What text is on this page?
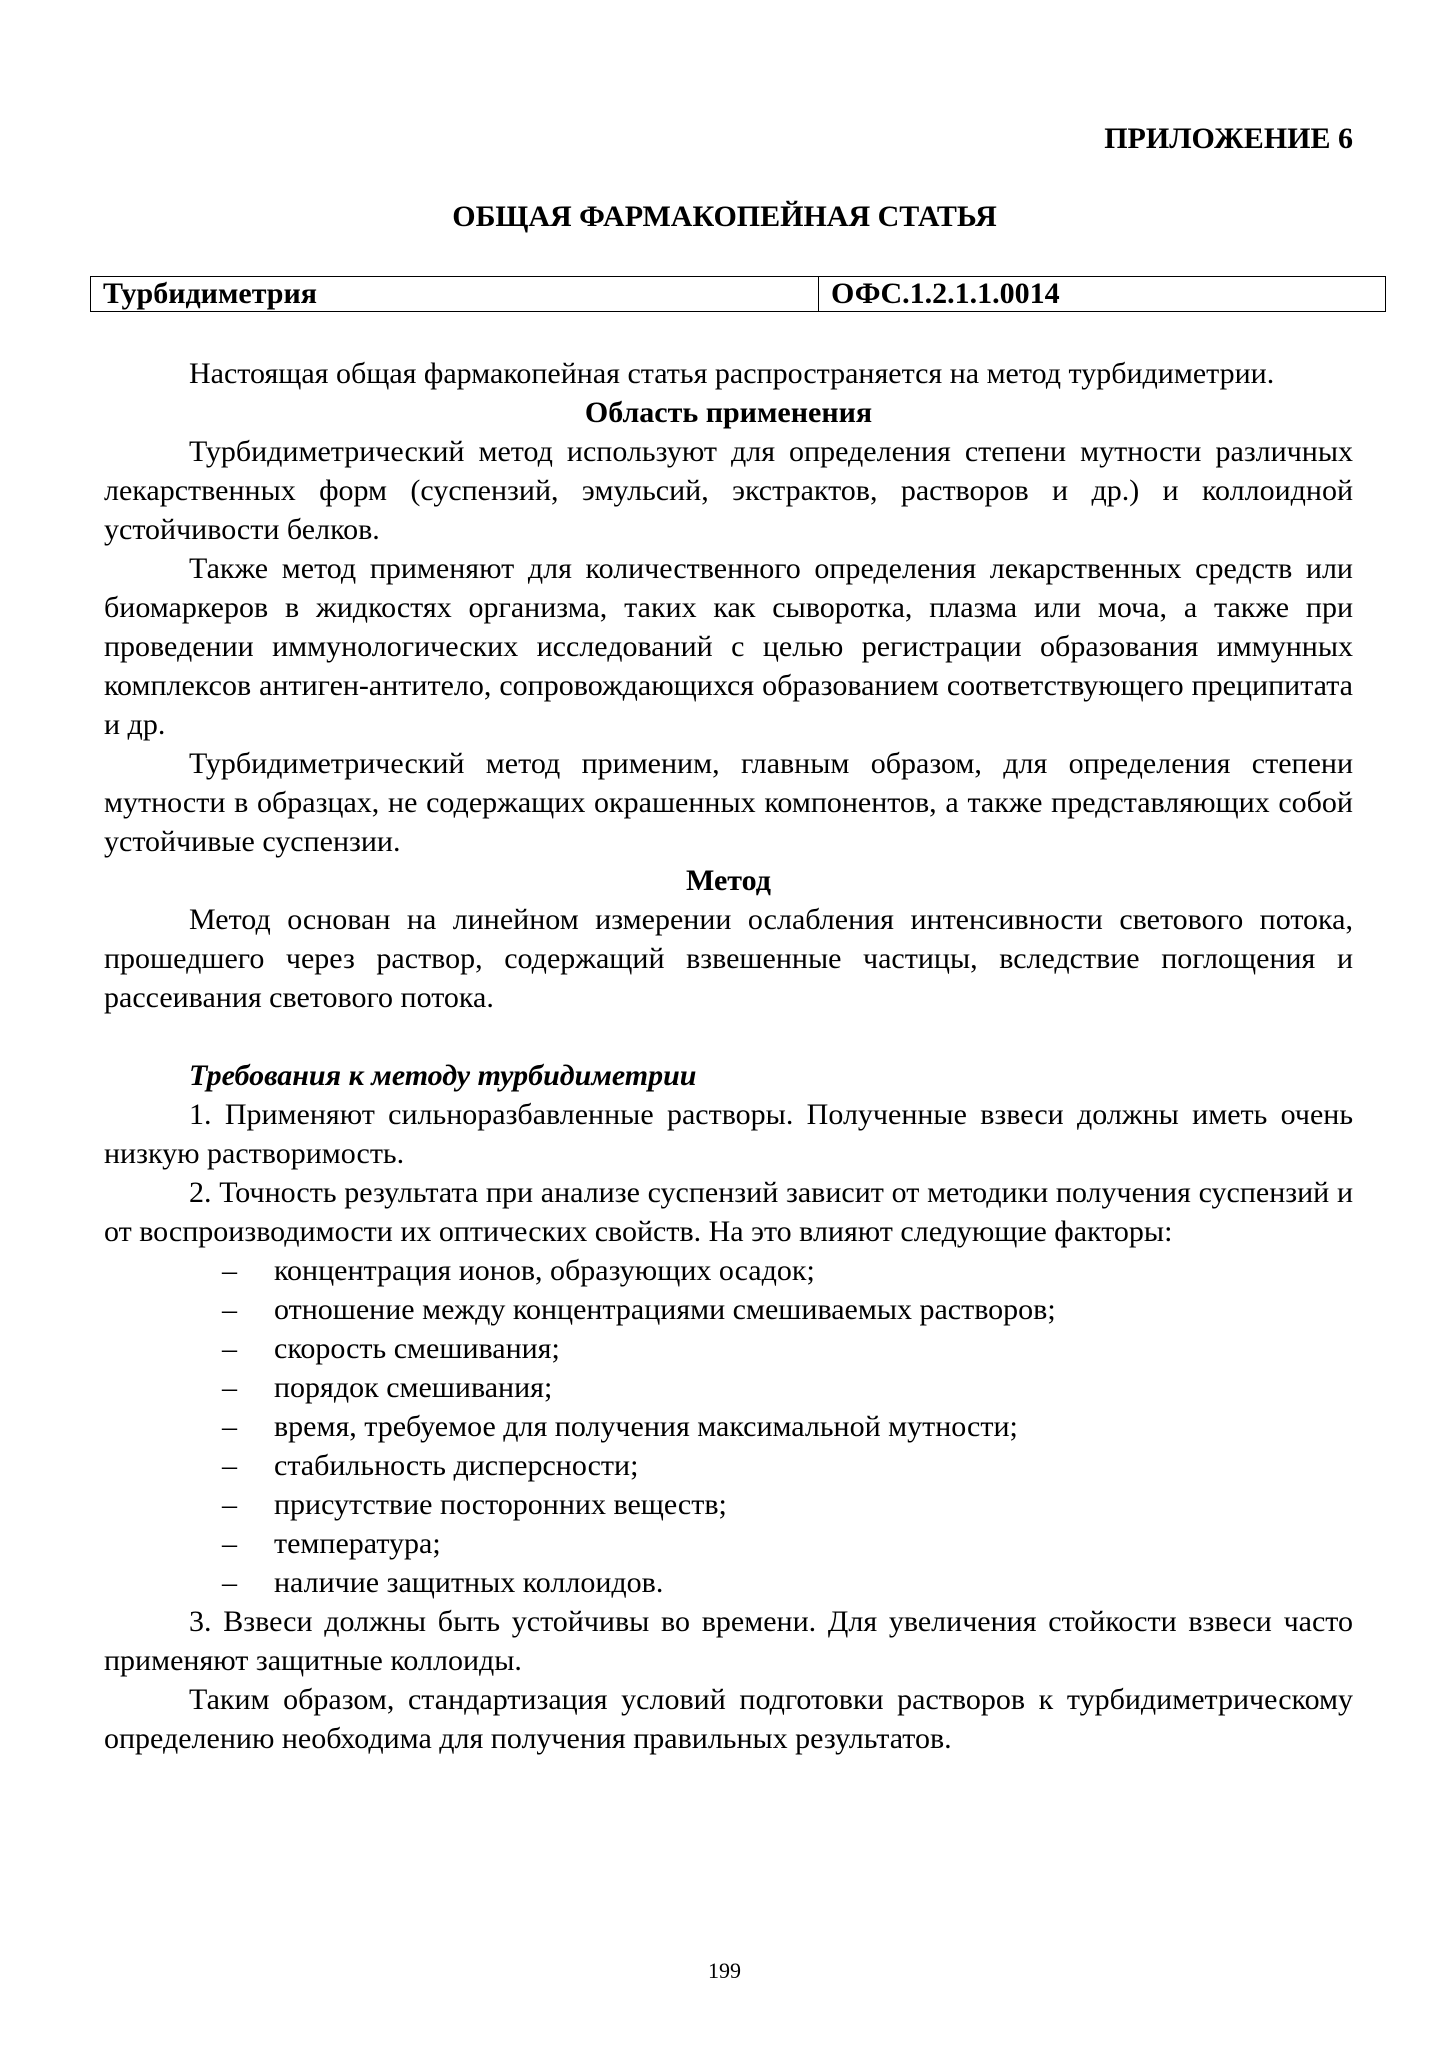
ПРИЛОЖЕНИЕ 6
ОБЩАЯ ФАРМАКОПЕЙНАЯ СТАТЬЯ
Турбидиметрия	ОФС.1.2.1.1.0014

Настоящая общая фармакопейная статья распространяется на метод турбидиметрии.

Область применения

Турбидиметрический метод используют для определения степени мутности различных лекарственных форм (суспензий, эмульсий, экстрактов, растворов и др.) и коллоидной устойчивости белков.

Также метод применяют для количественного определения лекарственных средств или биомаркеров в жидкостях организма, таких как сыворотка, плазма или моча, а также при проведении иммунологических исследований с целью регистрации образования иммунных комплексов антиген-антитело, сопровождающихся образованием соответствующего преципитата и др.

Турбидиметрический метод применим, главным образом, для определения степени мутности в образцах, не содержащих окрашенных компонентов, а также представляющих собой устойчивые суспензии.

Метод

Метод основан на линейном измерении ослабления интенсивности светового потока, прошедшего через раствор, содержащий взвешенные частицы, вследствие поглощения и рассеивания светового потока.

Требования к методу турбидиметрии

1. Применяют сильноразбавленные растворы. Полученные взвеси должны иметь очень низкую растворимость.

2. Точность результата при анализе суспензий зависит от методики получения суспензий и от воспроизводимости их оптических свойств. На это влияют следующие факторы:

– концентрация ионов, образующих осадок;
– отношение между концентрациями смешиваемых растворов;
– скорость смешивания;
– порядок смешивания;
– время, требуемое для получения максимальной мутности;
– стабильность дисперсности;
– присутствие посторонних веществ;
– температура;
– наличие защитных коллоидов.

3. Взвеси должны быть устойчивы во времени. Для увеличения стойкости взвеси часто применяют защитные коллоиды.

Таким образом, стандартизация условий подготовки растворов к турбидиметрическому определению необходима для получения правильных результатов.

199
